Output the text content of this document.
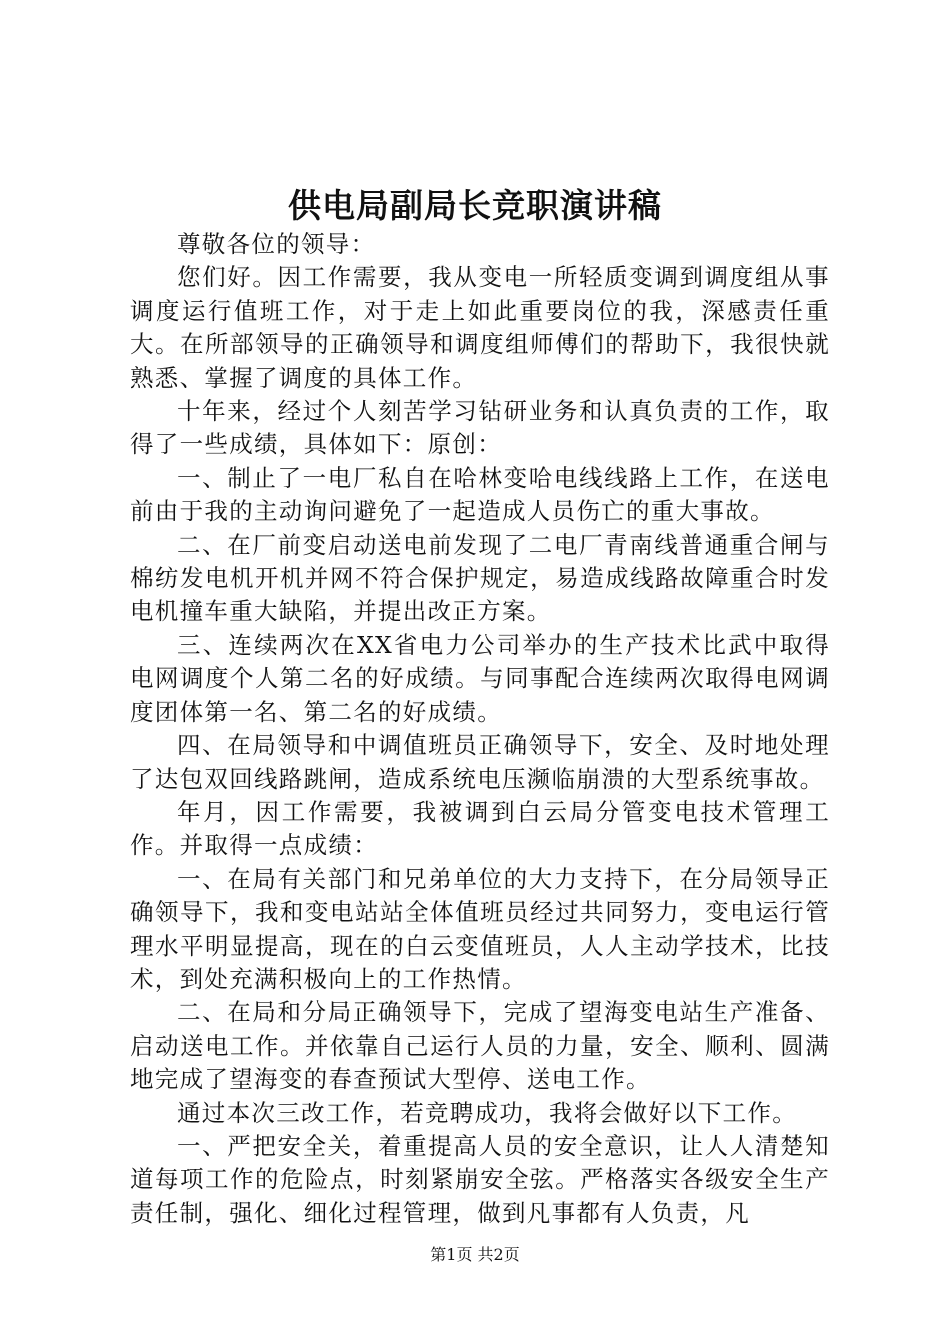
供电局副局长竞职演讲稿

尊敬各位的领导：

您们好。因工作需要，我从变电一所轻质变调到调度组从事调度运行值班工作，对于走上如此重要岗位的我，深感责任重大。在所部领导的正确领导和调度组师傅们的帮助下，我很快就熟悉、掌握了调度的具体工作。

十年来，经过个人刻苦学习钻研业务和认真负责的工作，取得了一些成绩，具体如下：原创：

一、制止了一电厂私自在哈林变哈电线线路上工作，在送电前由于我的主动询问避免了一起造成人员伤亡的重大事故。

二、在厂前变启动送电前发现了二电厂青南线普通重合闸与棉纺发电机开机并网不符合保护规定，易造成线路故障重合时发电机撞车重大缺陷，并提出改正方案。

三、连续两次在XX省电力公司举办的生产技术比武中取得电网调度个人第二名的好成绩。与同事配合连续两次取得电网调度团体第一名、第二名的好成绩。

四、在局领导和中调值班员正确领导下，安全、及时地处理了达包双回线路跳闸，造成系统电压濒临崩溃的大型系统事故。

年月，因工作需要，我被调到白云局分管变电技术管理工作。并取得一点成绩：

一、在局有关部门和兄弟单位的大力支持下，在分局领导正确领导下，我和变电站站全体值班员经过共同努力，变电运行管理水平明显提高，现在的白云变值班员，人人主动学技术，比技术，到处充满积极向上的工作热情。

二、在局和分局正确领导下，完成了望海变电站生产准备、启动送电工作。并依靠自己运行人员的力量，安全、顺利、圆满地完成了望海变的春查预试大型停、送电工作。

通过本次三改工作，若竞聘成功，我将会做好以下工作。

一、严把安全关，着重提高人员的安全意识，让人人清楚知道每项工作的危险点，时刻紧崩安全弦。严格落实各级安全生产责任制，强化、细化过程管理，做到凡事都有人负责，凡

第1页 共2页
